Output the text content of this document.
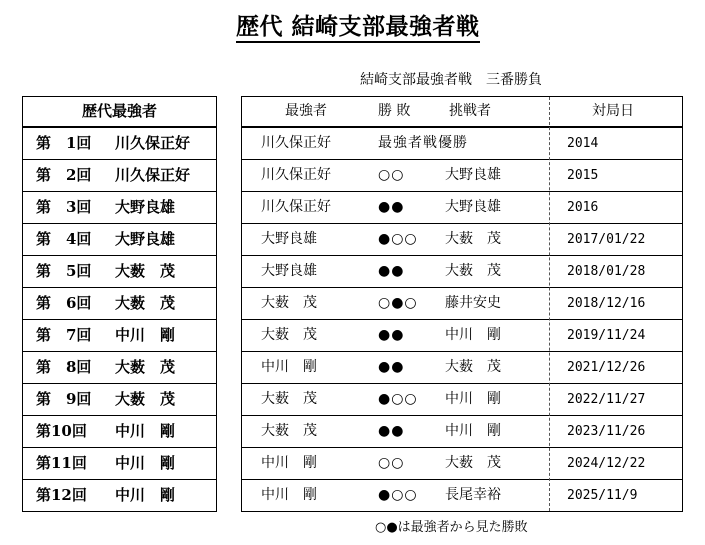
歴代 結崎支部最強者戦
結崎支部最強者戦　三番勝負
歴代最強者
第　1回 川久保正好
第　2回 川久保正好
第　3回 大野良雄
第　4回 大野良雄
第　5回 大薮　茂
第　6回 大薮　茂
第　7回 中川　剛
第　8回 大薮　茂
第　9回 大薮　茂
第10回 中川　剛
第11回 中川　剛
第12回 中川　剛
最強者	勝 敗	挑戦者	対局日
川久保正好	最強者戦優勝	2014
川久保正好	○○	大野良雄	2015
川久保正好	●●	大野良雄	2016
大野良雄	●○○ 大薮　茂	2017/01/22
大野良雄	●●	大薮　茂	2018/01/28
大薮　茂	○●○ 藤井安史	2018/12/16
大薮　茂	●●	中川　剛	2019/11/24
中川　剛	●●	大薮　茂	2021/12/26
大薮　茂	●○○ 中川　剛	2022/11/27
大薮　茂	●●	中川　剛	2023/11/26
中川　剛	○○	大薮　茂	2024/12/22
中川　剛	●○○ 長尾幸裕	2025/11/9
○●は最強者から見た勝敗
